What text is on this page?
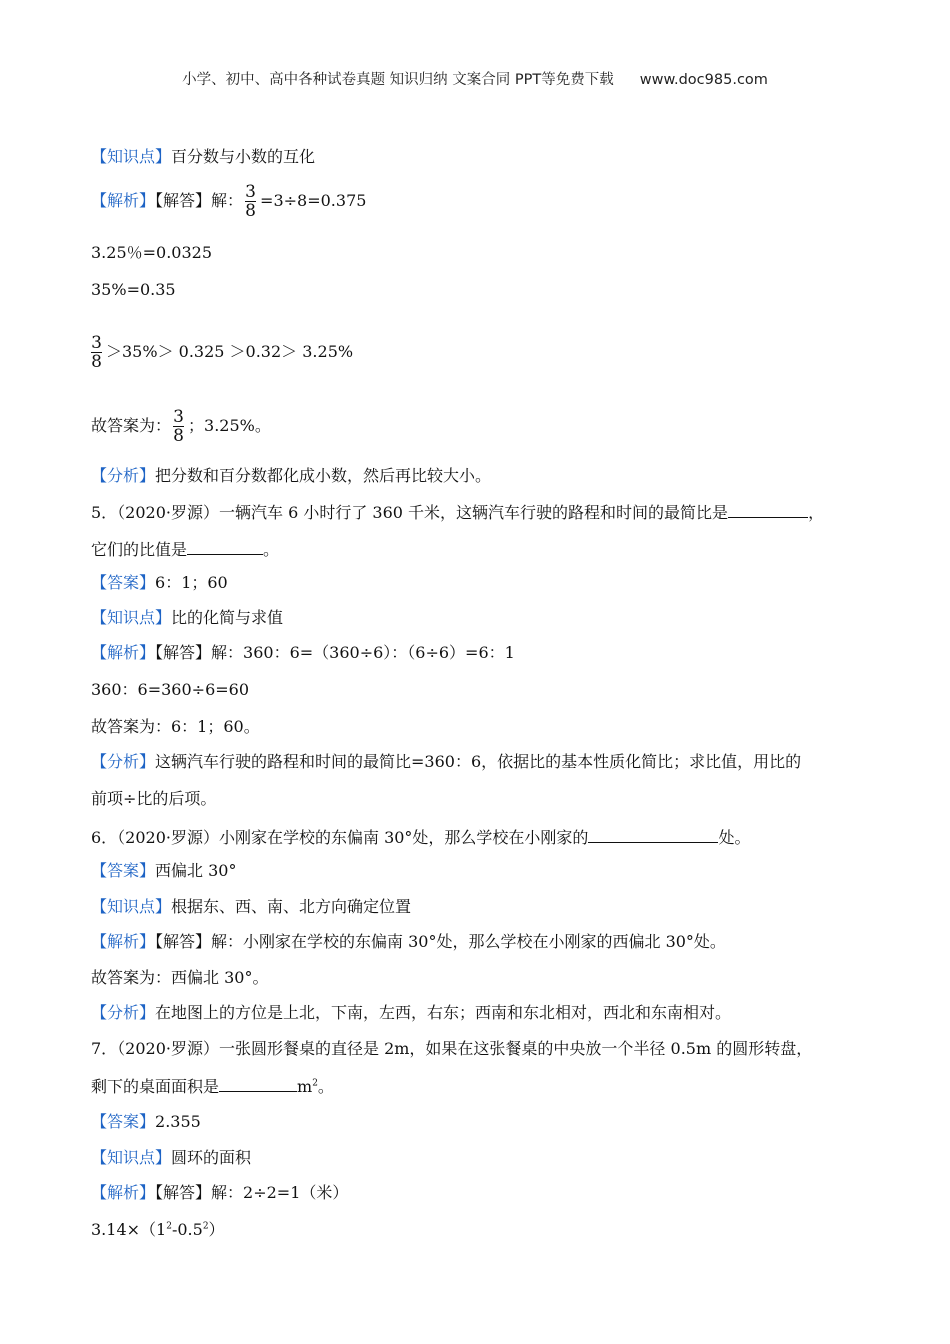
小学、初中、高中各种试卷真题 知识归纳 文案合同 PPT等免费下载 www.doc985.com
【知识点】百分数与小数的互化
【解析】【解答】解： $\frac{3}{8} =3\div 8=0.375$
3.25％=0.0325
35%=0.35
$\frac{3}{8} >35\%> 0.325 >0.32> 3.25\%$
故答案为： $\frac{3}{8}$ ；3.25%。
【分析】把分数和百分数都化成小数，然后再比较大小。
5．（2020·罗源）一辆汽车 6 小时行了 360 千米，这辆汽车行驶的路程和时间的最简比是	，
它们的比值是	。
【答案】6：1；60
【知识点】比的化简与求值
【解析】【解答】解：360：6=（360÷6）：（6÷6）=6：1
360：6=360÷6=60
故答案为：6：1；60。
【分析】这辆汽车行驶的路程和时间的最简比=360：6，依据比的基本性质化简比；求比值，用比的
前项÷比的后项。
6．（2020·罗源）小刚家在学校的东偏南 30°处，那么学校在小刚家的	处。
【答案】西偏北 30°
【知识点】根据东、西、南、北方向确定位置
【解析】【解答】解：小刚家在学校的东偏南 30°处，那么学校在小刚家的西偏北 30°处。
故答案为：西偏北 30°。
【分析】在地图上的方位是上北，下南，左西，右东；西南和东北相对，西北和东南相对。
7．（2020·罗源）一张圆形餐桌的直径是 2m，如果在这张餐桌的中央放一个半径 0.5m 的圆形转盘，
剩下的桌面面积是	$m^2$。
【答案】2.355
【知识点】圆环的面积
【解析】【解答】解：2÷2=1（米）
$3.14\times(1^2-0.5^2)$
